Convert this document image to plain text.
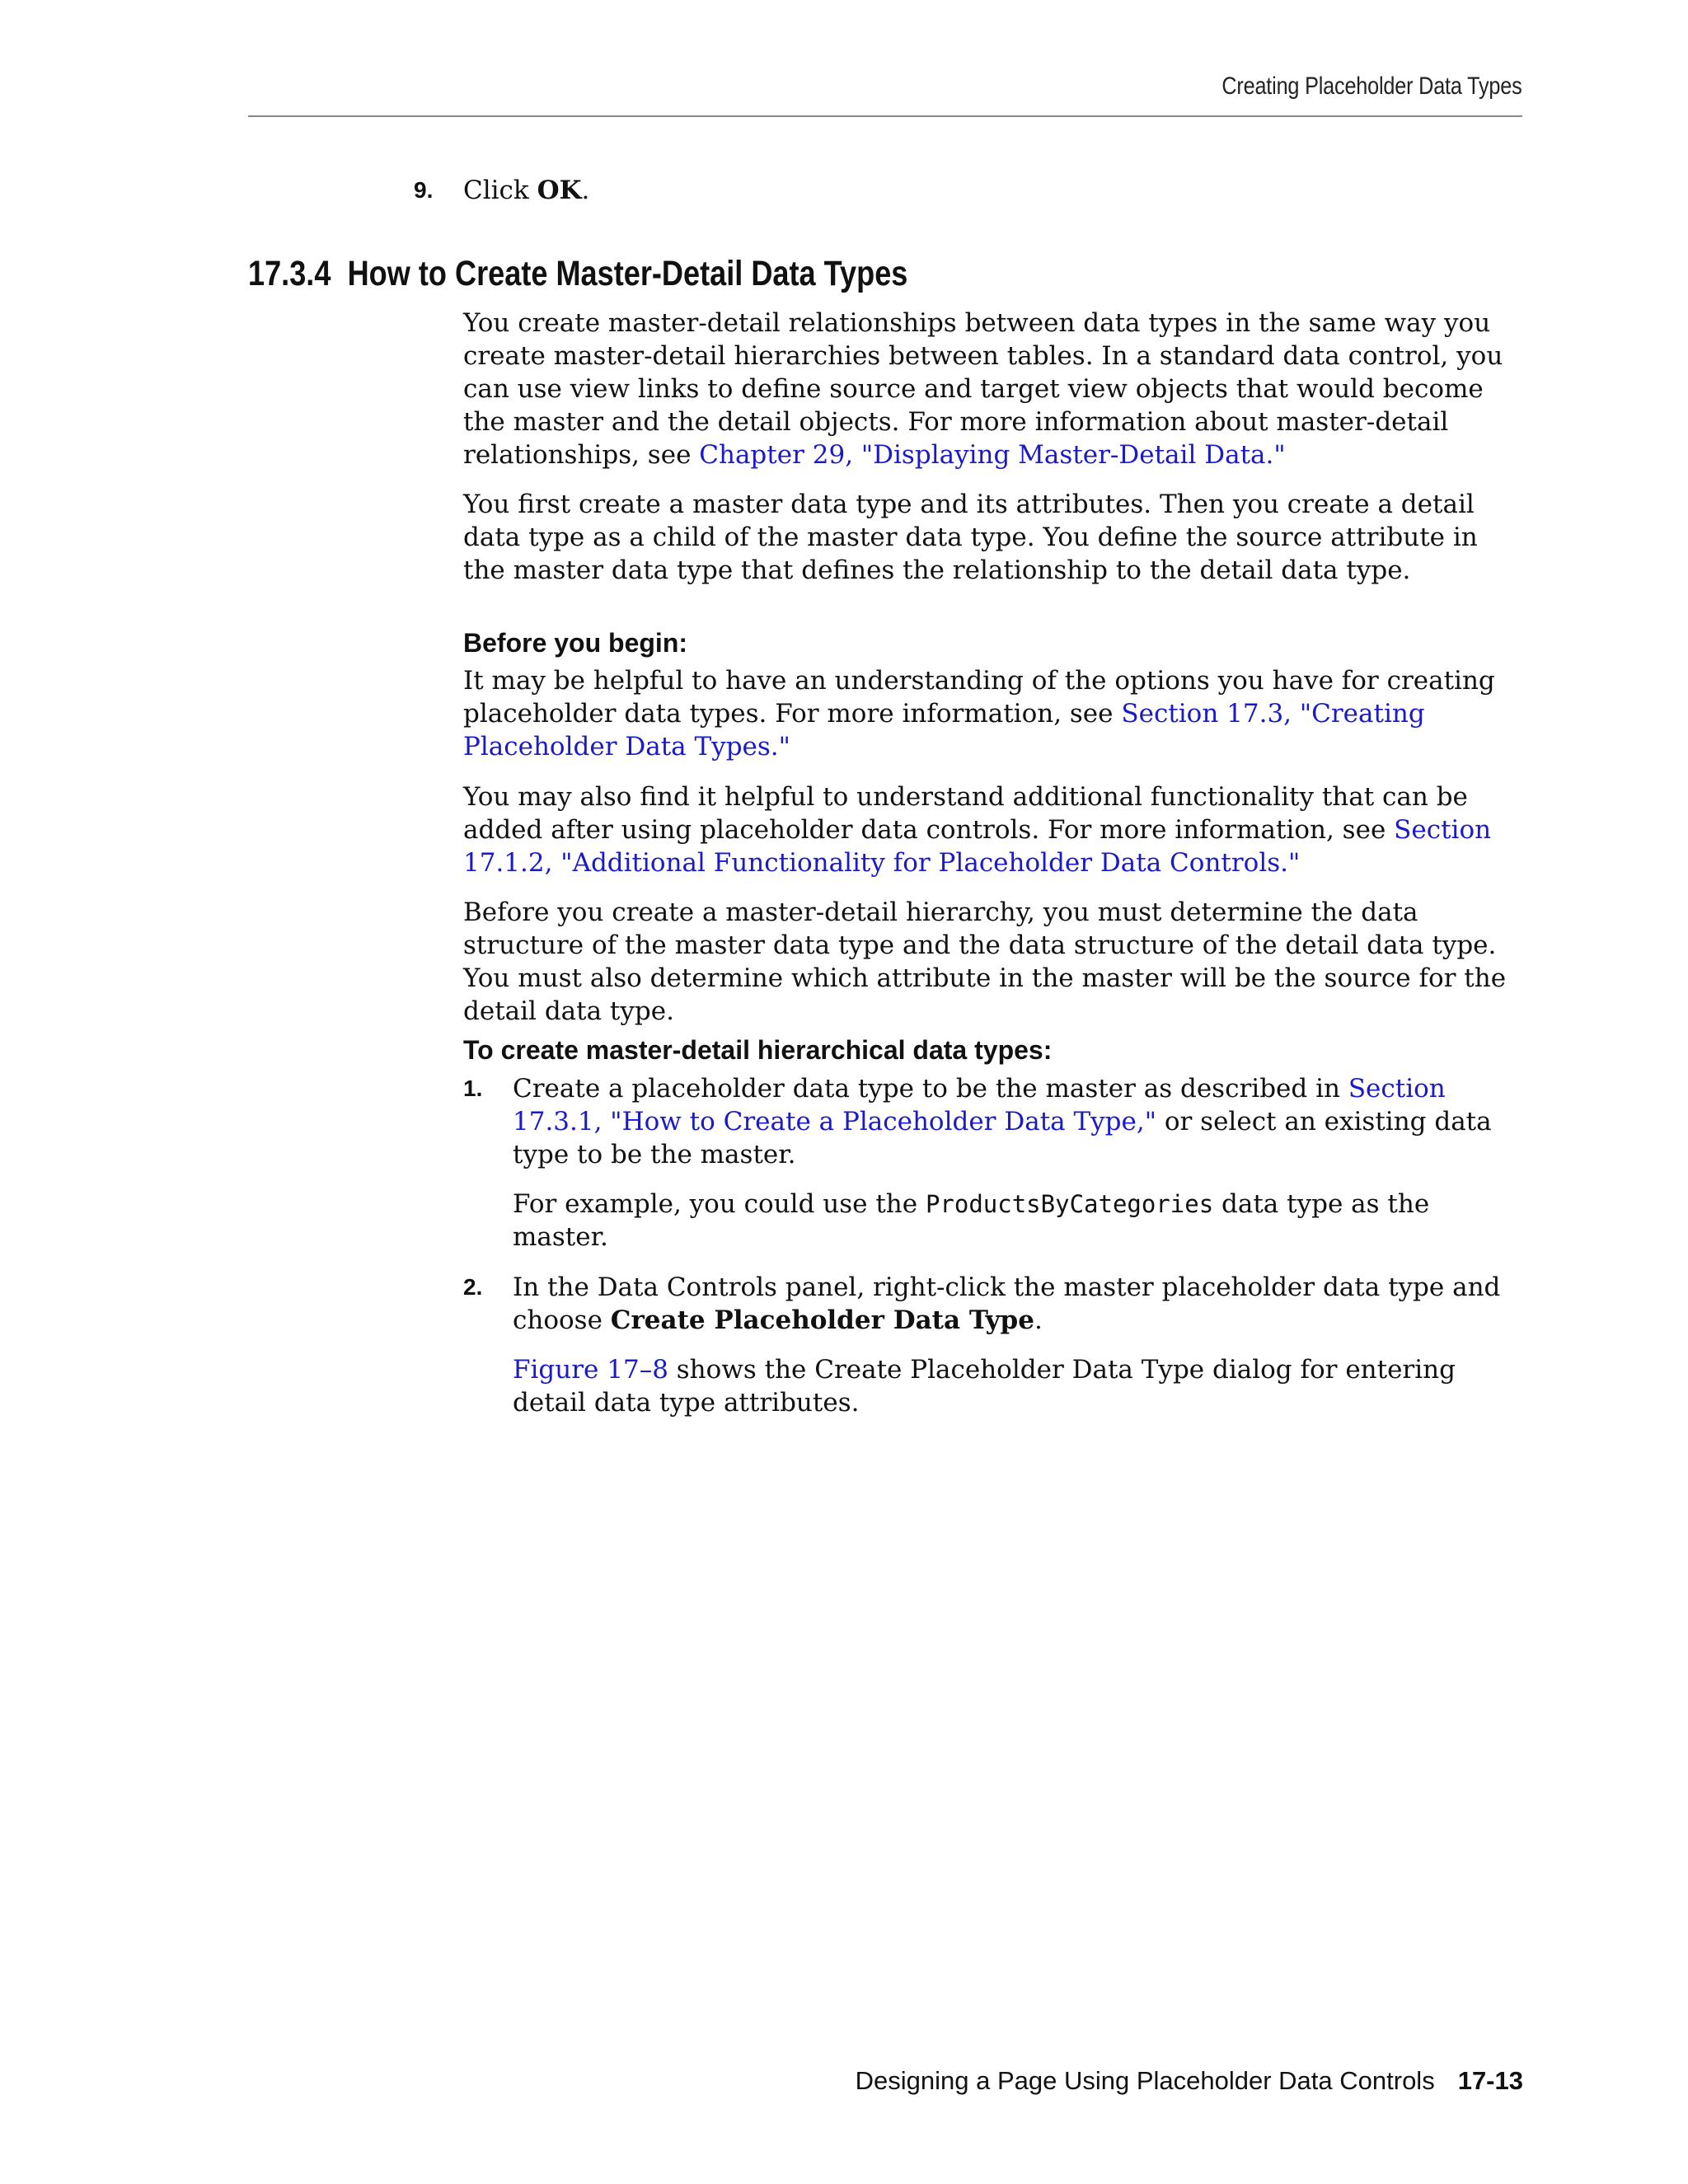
Creating Placeholder Data Types
9. Click OK.
17.3.4 How to Create Master-Detail Data Types

You create master-detail relationships between data types in the same way you create master-detail hierarchies between tables. In a standard data control, you can use view links to define source and target view objects that would become the master and the detail objects. For more information about master-detail relationships, see Chapter 29, "Displaying Master-Detail Data."

You first create a master data type and its attributes. Then you create a detail data type as a child of the master data type. You define the source attribute in the master data type that defines the relationship to the detail data type.

Before you begin:

It may be helpful to have an understanding of the options you have for creating placeholder data types. For more information, see Section 17.3, "Creating Placeholder Data Types."

You may also find it helpful to understand additional functionality that can be added after using placeholder data controls. For more information, see Section 17.1.2, "Additional Functionality for Placeholder Data Controls."

Before you create a master-detail hierarchy, you must determine the data structure of the master data type and the data structure of the detail data type. You must also determine which attribute in the master will be the source for the detail data type.

To create master-detail hierarchical data types:
1. Create a placeholder data type to be the master as described in Section 17.3.1, "How to Create a Placeholder Data Type," or select an existing data type to be the master.

For example, you could use the ProductsByCategories data type as the master.

2. In the Data Controls panel, right-click the master placeholder data type and choose Create Placeholder Data Type.

Figure 17–8 shows the Create Placeholder Data Type dialog for entering detail data type attributes.

Designing a Page Using Placeholder Data Controls 17-13
